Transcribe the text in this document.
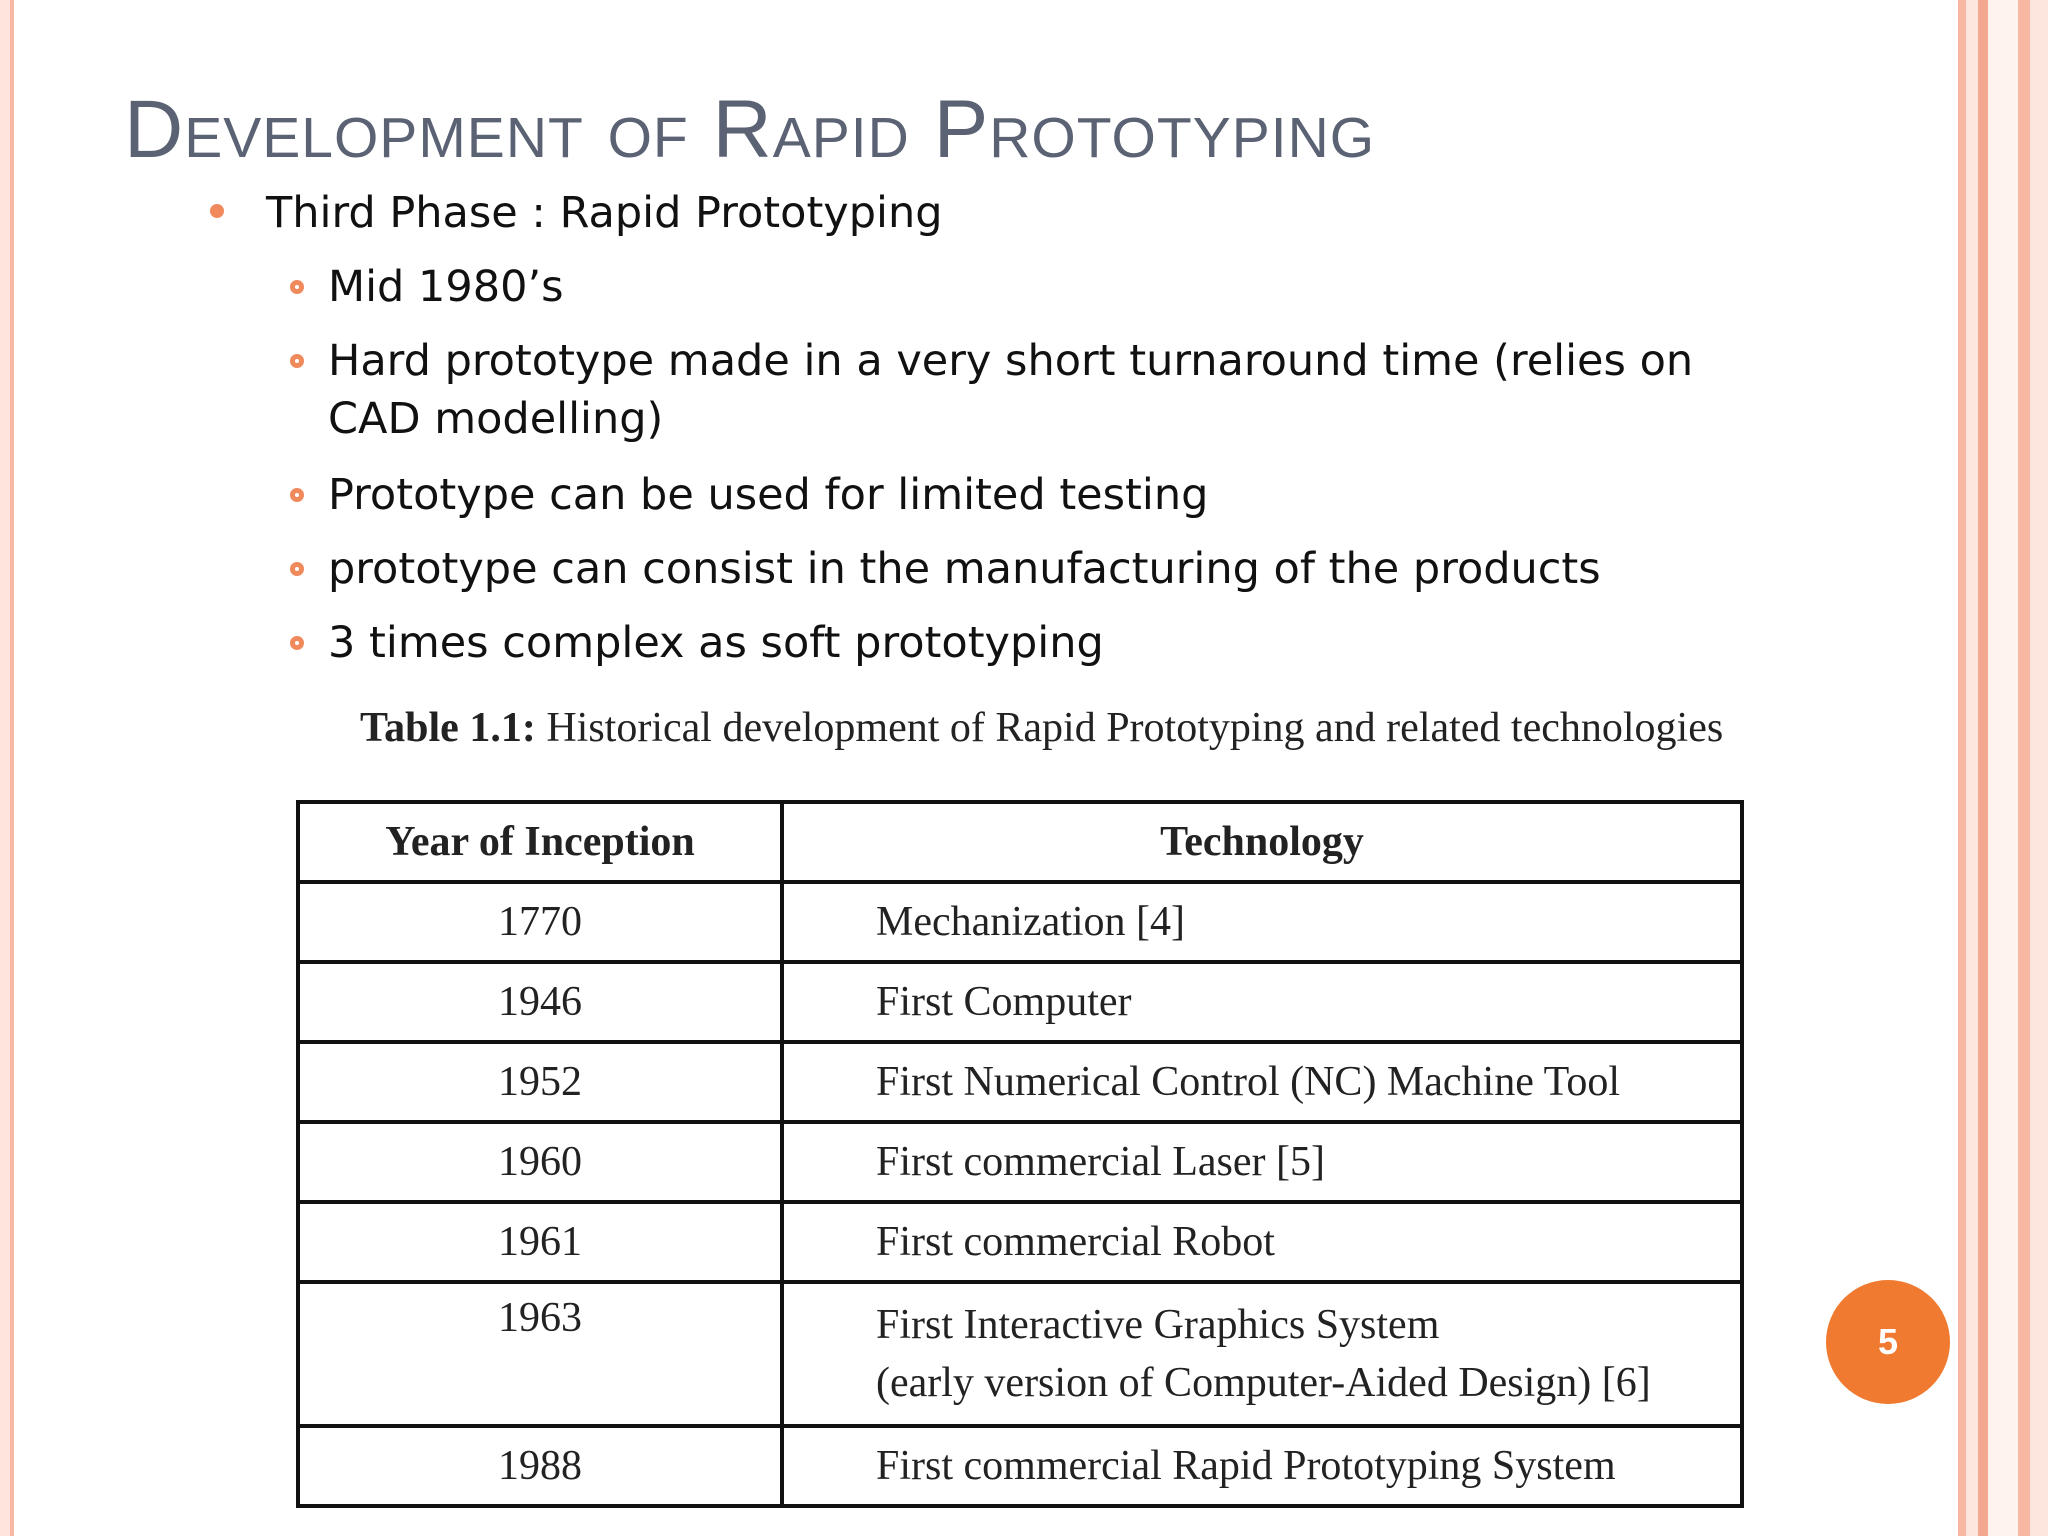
Development of Rapid Prototyping
Third Phase : Rapid Prototyping
Mid 1980’s
Hard prototype made in a very short turnaround time (relies on CAD modelling)
Prototype can be used for limited testing
prototype can consist in the manufacturing of the products
3 times complex as soft prototyping
Table 1.1: Historical development of Rapid Prototyping and related technologies
Year of Inception	Technology
1770	Mechanization [4]

1946	First Computer

1952	First Numerical Control (NC) Machine Tool

1960	First commercial Laser [5]

1961	First commercial Robot

1963	First Interactive Graphics System
(early version of Computer-Aided Design) [6]

1988	First commercial Rapid Prototyping System
5
